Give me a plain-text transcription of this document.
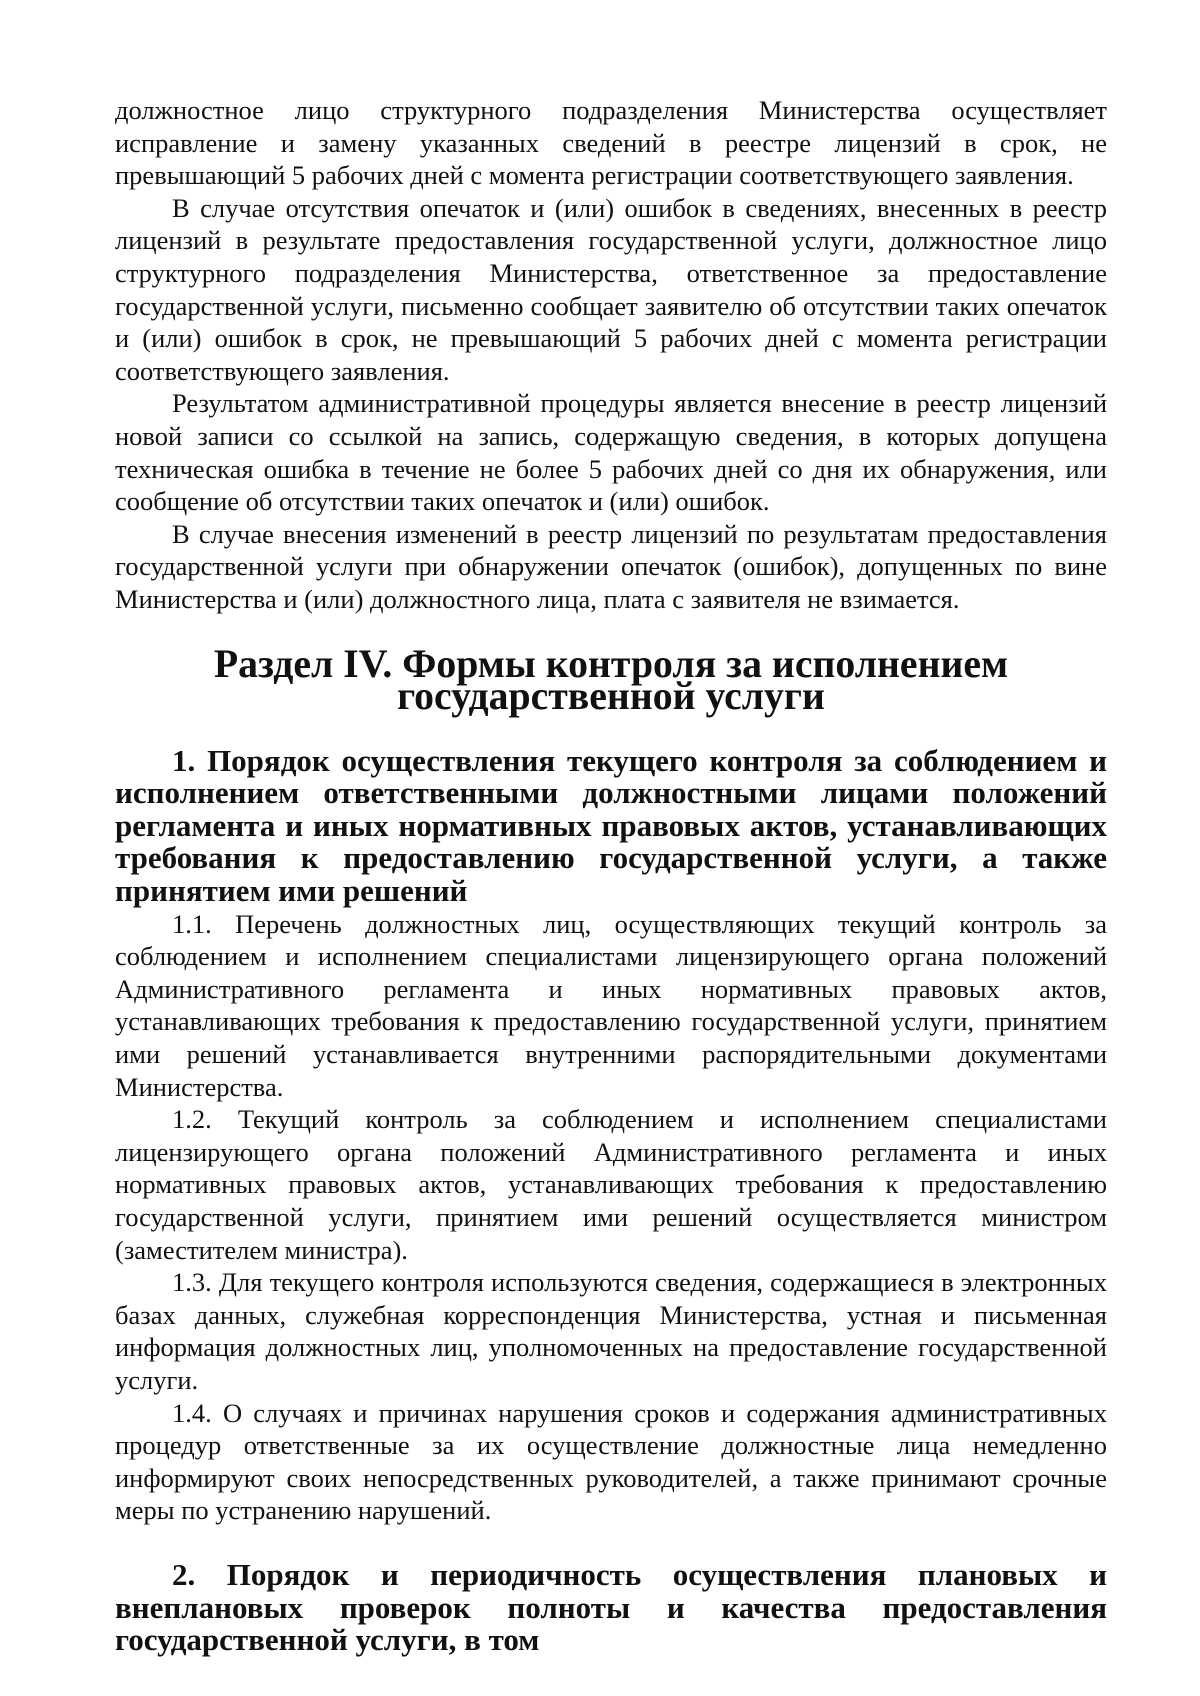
должностное лицо структурного подразделения Министерства осуществляет исправление и замену указанных сведений в реестре лицензий в срок, не превышающий 5 рабочих дней с момента регистрации соответствующего заявления.

В случае отсутствия опечаток и (или) ошибок в сведениях, внесенных в реестр лицензий в результате предоставления государственной услуги, должностное лицо структурного подразделения Министерства, ответственное за предоставление государственной услуги, письменно сообщает заявителю об отсутствии таких опечаток и (или) ошибок в срок, не превышающий 5 рабочих дней с момента регистрации соответствующего заявления.

Результатом административной процедуры является внесение в реестр лицензий новой записи со ссылкой на запись, содержащую сведения, в которых допущена техническая ошибка в течение не более 5 рабочих дней со дня их обнаружения, или сообщение об отсутствии таких опечаток и (или) ошибок.

В случае внесения изменений в реестр лицензий по результатам предоставления государственной услуги при обнаружении опечаток (ошибок), допущенных по вине Министерства и (или) должностного лица, плата с заявителя не взимается.

Раздел IV. Формы контроля за исполнением государственной услуги
1. Порядок осуществления текущего контроля за соблюдением и исполнением ответственными должностными лицами положений регламента и иных нормативных правовых актов, устанавливающих требования к предоставлению государственной услуги, а также принятием ими решений

1.1. Перечень должностных лиц, осуществляющих текущий контроль за соблюдением и исполнением специалистами лицензирующего органа положений Административного регламента и иных нормативных правовых актов, устанавливающих требования к предоставлению государственной услуги, принятием ими решений устанавливается внутренними распорядительными документами Министерства.

1.2. Текущий контроль за соблюдением и исполнением специалистами лицензирующего органа положений Административного регламента и иных нормативных правовых актов, устанавливающих требования к предоставлению государственной услуги, принятием ими решений осуществляется министром (заместителем министра).

1.3. Для текущего контроля используются сведения, содержащиеся в электронных базах данных, служебная корреспонденция Министерства, устная и письменная информация должностных лиц, уполномоченных на предоставление государственной услуги.

1.4. О случаях и причинах нарушения сроков и содержания административных процедур ответственные за их осуществление должностные лица немедленно информируют своих непосредственных руководителей, а также принимают срочные меры по устранению нарушений.

2. Порядок и периодичность осуществления плановых и внеплановых проверок полноты и качества предоставления государственной услуги, в том
